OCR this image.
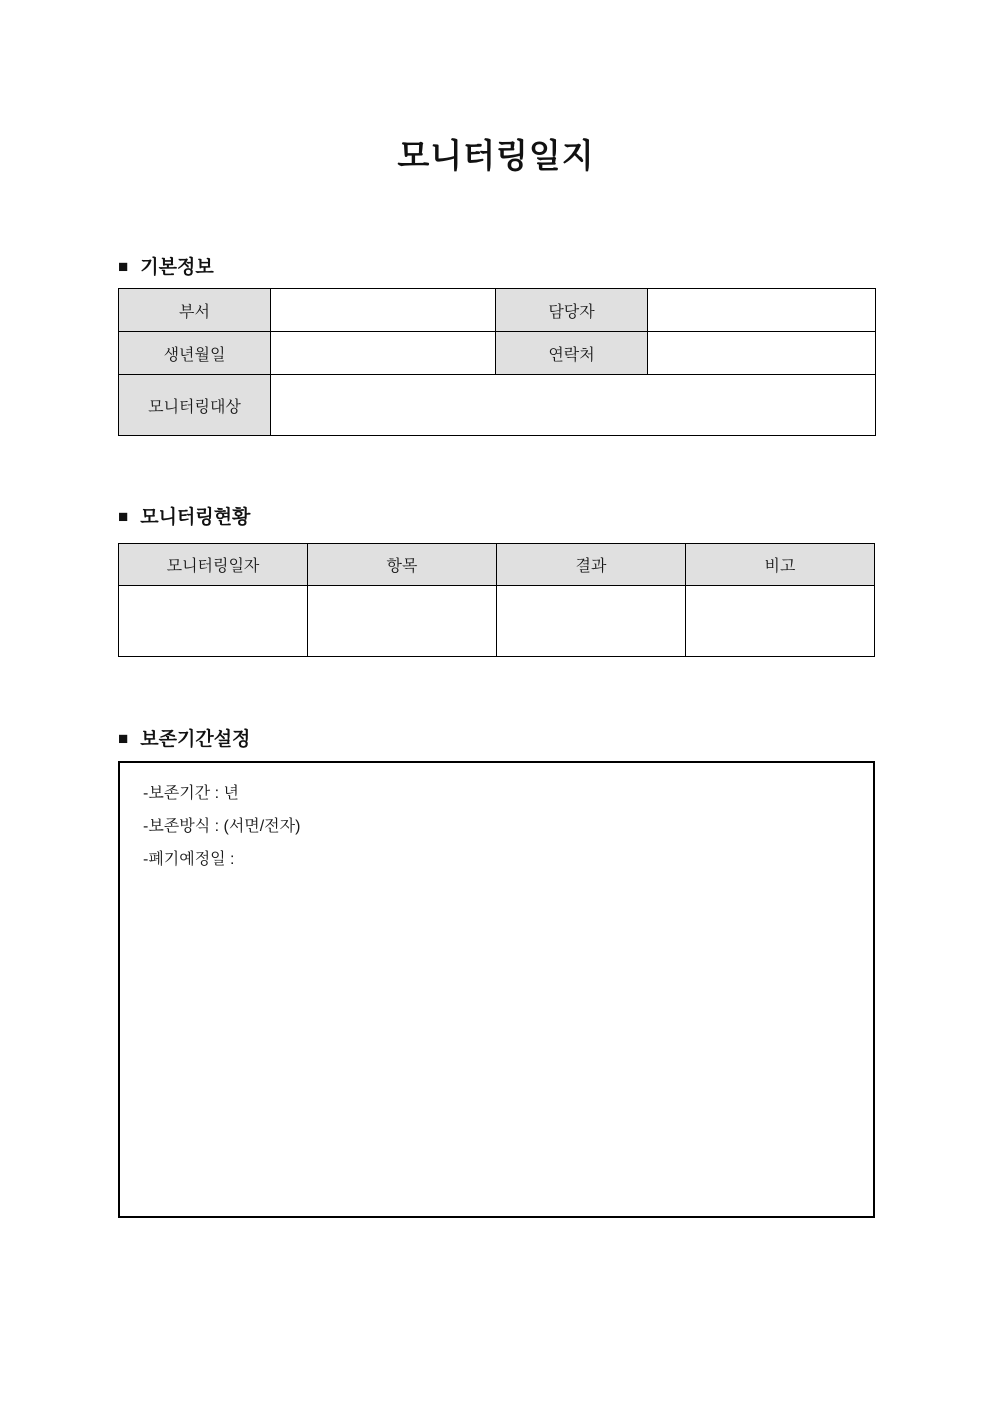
모니터링일지
■ 기본정보
부서		담당자	
생년월일		연락처	
모니터링대상			
■ 모니터링현황
모니터링일자	항목	결과	비고

■ 보존기간설정
-보존기간 : 년
-보존방식 : (서면/전자)
-폐기예정일 :
